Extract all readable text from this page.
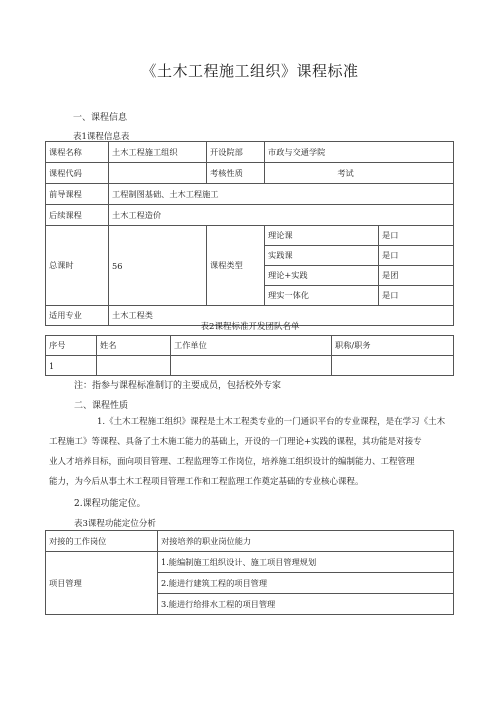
《土木工程施工组织》课程标准
一、课程信息
表1课程信息表
课程名称	土木工程施工组织	开设院部	市政与交通学院	
课程代码		考核性质	考试	
前导课程	工程制图基础、土木工程施工			
后续课程	土木工程造价			
总课时	56	课程类型	理论课	是口
			实践课	是口
			理论+实践	是团
			理实一体化	是口
适用专业	土木工程类			
表2课程标准开发团队名单
序号	姓名	工作单位	职称/职务
1			
注：指参与课程标准制订的主要成员，包括校外专家
二、课程性质
1.《土木工程施工组织》课程是土木工程类专业的一门通识平台的专业课程，是在学习《土木
工程施工》等课程、具备了土木施工能力的基础上，开设的一门理论+实践的课程，其功能是对接专
业人才培养目标，面向项目管理、工程监理等工作岗位，培养施工组织设计的编制能力、工程管理
能力，为今后从事土木工程项目管理工作和工程监理工作奠定基础的专业核心课程。
2.课程功能定位。
表3课程功能定位分析
对接的工作岗位	对接培养的职业岗位能力
项目管理	1.能编制施工组织设计、施工项目管理规划
	2.能进行建筑工程的项目管理
	3.能进行给排水工程的项目管理
